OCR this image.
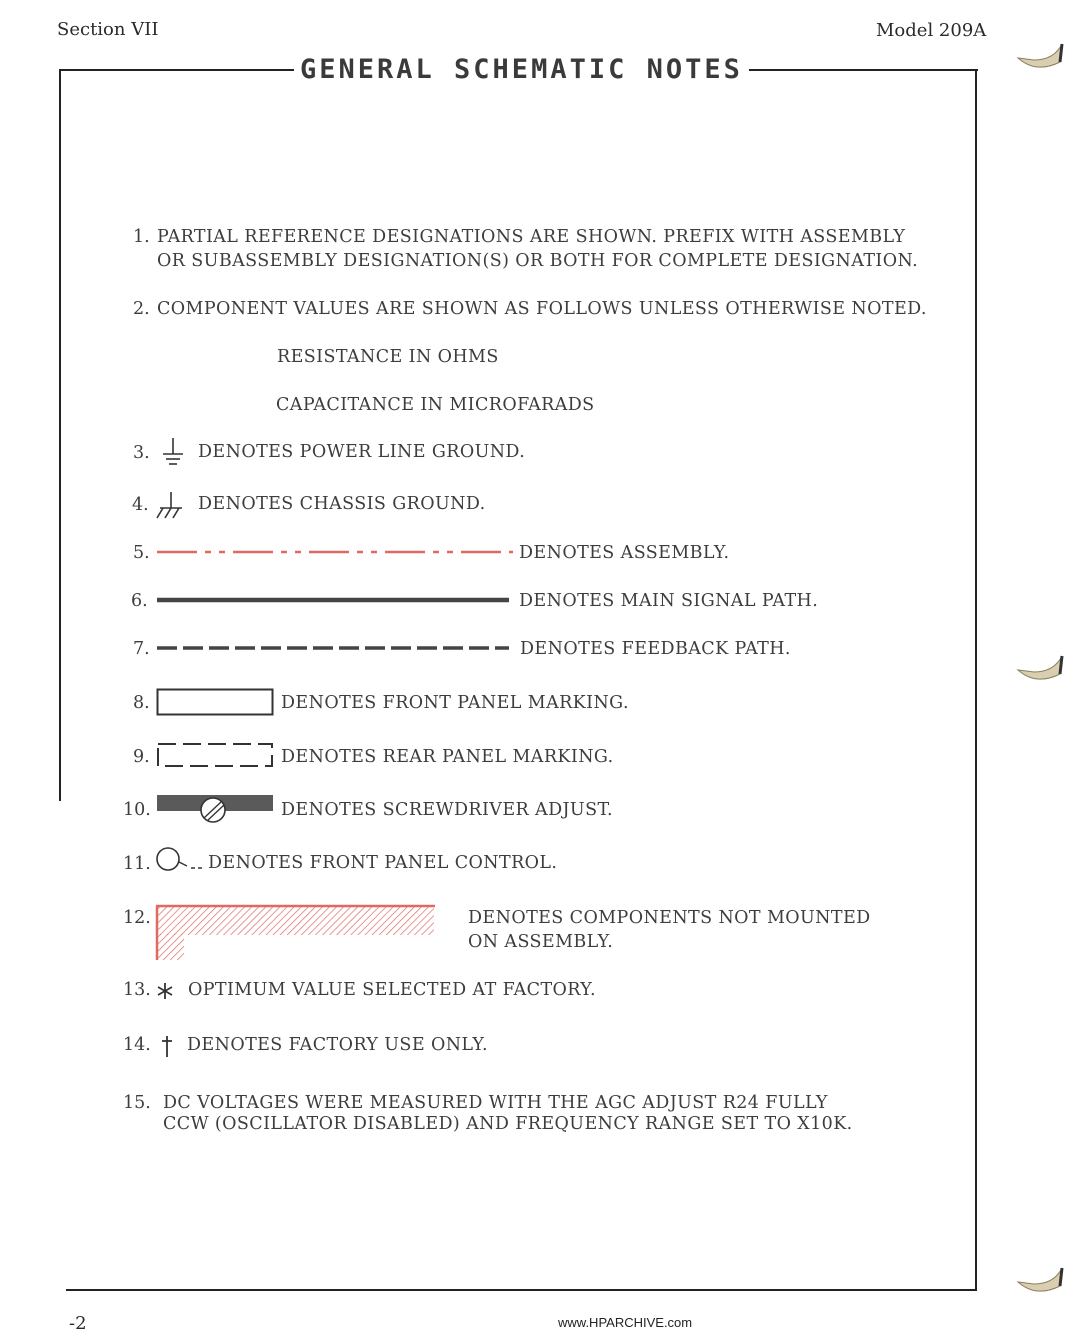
Section VII	Model 209A
GENERAL SCHEMATIC NOTES
1. PARTIAL REFERENCE DESIGNATIONS ARE SHOWN. PREFIX WITH ASSEMBLY
OR SUBASSEMBLY DESIGNATION(S) OR BOTH FOR COMPLETE DESIGNATION.
2. COMPONENT VALUES ARE SHOWN AS FOLLOWS UNLESS OTHERWISE NOTED.
RESISTANCE IN OHMS
CAPACITANCE IN MICROFARADS
3.	DENOTES POWER LINE GROUND.
4.	DENOTES CHASSIS GROUND.
5.	DENOTES ASSEMBLY.
6.	DENOTES MAIN SIGNAL PATH.
7.	DENOTES FEEDBACK PATH.
8.	DENOTES FRONT PANEL MARKING.
9.	DENOTES REAR PANEL MARKING.
10.	DENOTES SCREWDRIVER ADJUST.
11.	DENOTES FRONT PANEL CONTROL.
12.	DENOTES COMPONENTS NOT MOUNTED
ON ASSEMBLY.
13. OPTIMUM VALUE SELECTED AT FACTORY.
14. DENOTES FACTORY USE ONLY.
15. DC VOLTAGES WERE MEASURED WITH THE AGC ADJUST R24 FULLY
CCW (OSCILLATOR DISABLED) AND FREQUENCY RANGE SET TO X10K.
-2	www.HPARCHIVE.com
